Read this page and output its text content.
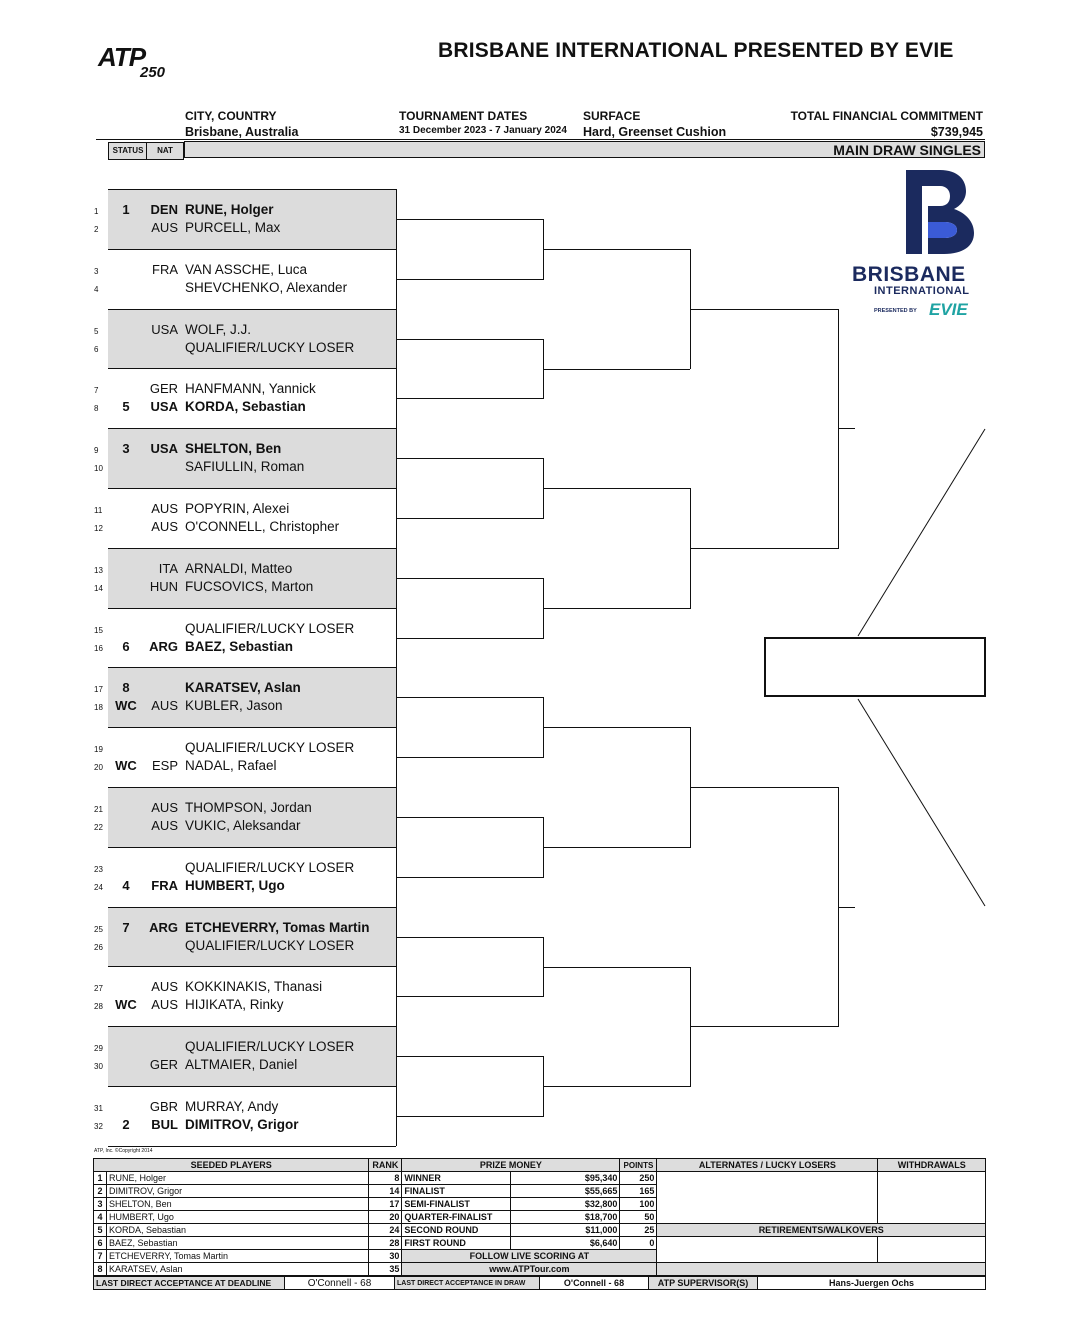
ATP
250
BRISBANE INTERNATIONAL PRESENTED BY EVIE
CITY, COUNTRY
Brisbane, Australia
TOURNAMENT DATES
31 December 2023 - 7 January 2024
SURFACE
Hard, Greenset Cushion
TOTAL FINANCIAL COMMITMENT
$739,945
STATUS	NAT	MAIN DRAW SINGLES
BRISBANE
INTERNATIONAL
PRESENTED BY EVIE
1	1	DEN RUNE, Holger
2	AUS PURCELL, Max
3	FRA VAN ASSCHE, Luca
4	SHEVCHENKO, Alexander
5	USA WOLF, J.J.
6	QUALIFIER/LUCKY LOSER
7	GER HANFMANN, Yannick
8	5	USA KORDA, Sebastian
9	3	USA SHELTON, Ben
10	SAFIULLIN, Roman
11	AUS POPYRIN, Alexei
12	AUS O'CONNELL, Christopher
13	ITA ARNALDI, Matteo
14	HUN FUCSOVICS, Marton
15	QUALIFIER/LUCKY LOSER
16	6	ARG BAEZ, Sebastian
17	8	KARATSEV, Aslan
18 WC	AUS KUBLER, Jason
19	QUALIFIER/LUCKY LOSER
20 WC	ESP NADAL, Rafael
21	AUS THOMPSON, Jordan
22	AUS VUKIC, Aleksandar
23	QUALIFIER/LUCKY LOSER
24	4	FRA HUMBERT, Ugo
25	7	ARG ETCHEVERRY, Tomas Martin
26	QUALIFIER/LUCKY LOSER
27	AUS KOKKINAKIS, Thanasi
28 WC	AUS HIJIKATA, Rinky
29	QUALIFIER/LUCKY LOSER
30	GER ALTMAIER, Daniel
31	GBR MURRAY, Andy
32	2	BUL DIMITROV, Grigor
ATP, Inc. ©Copyright 2014
SEEDED PLAYERS		RANK	PRIZE MONEY		POINTS	ALTERNATES / LUCKY LOSERS	WITHDRAWALS
1	RUNE, Holger	8	WINNER	$95,340	250		
2	DIMITROV, Grigor	14	FINALIST	$55,665	165		
3	SHELTON, Ben	17	SEMI-FINALIST	$32,800	100		
4	HUMBERT, Ugo	20	QUARTER-FINALIST	$18,700	50		
5	KORDA, Sebastian	24	SECOND ROUND	$11,000	25	RETIREMENTS/WALKOVERS	
6	BAEZ, Sebastian	28	FIRST ROUND	$6,640	0		
7	ETCHEVERRY, Tomas Martin	30	FOLLOW LIVE SCORING AT				
8	KARATSEV, Aslan	35	www.ATPTour.com				
LAST DIRECT ACCEPTANCE AT DEADLINE	O'Connell - 68	LAST DIRECT ACCEPTANCE IN DRAW	O'Connell - 68	ATP SUPERVISOR(S)	Hans-Juergen Ochs
